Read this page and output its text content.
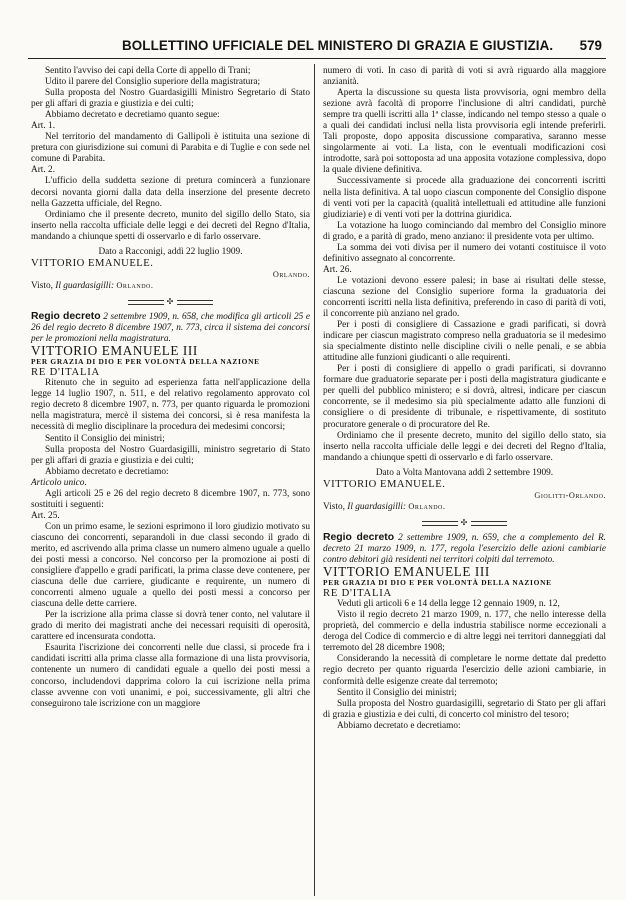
BOLLETTINO UFFICIALE DEL MINISTERO DI GRAZIA E GIUSTIZIA. 579

Sentito l'avviso dei capi della Corte di appello di Trani;

Udito il parere del Consiglio superiore della magistratura;

Sulla proposta del Nostro Guardasigilli Ministro Segretario di Stato per gli affari di grazia e giustizia e dei culti;

Abbiamo decretato e decretiamo quanto segue:

Art. 1.

Nel territorio del mandamento di Gallipoli è istituita una sezione di pretura con giurisdizione sui comuni di Parabita e di Tuglie e con sede nel comune di Parabita.

Art. 2.

L'ufficio della suddetta sezione di pretura comincerà a funzionare decorsi novanta giorni dalla data della inserzione del presente decreto nella Gazzetta ufficiale, del Regno.

Ordiniamo che il presente decreto, munito del sigillo dello Stato, sia inserto nella raccolta ufficiale delle leggi e dei decreti del Regno d'Italia, mandando a chiunque spetti di osservarlo e di farlo osservare.

Dato a Racconigi, addì 22 luglio 1909.

VITTORIO EMANUELE.

Orlando.

Visto, Il guardasigilli: Orlando.

✣

Regio decreto 2 settembre 1909, n. 658, che modifica gli articoli 25 e 26 del regio decreto 8 dicembre 1907, n. 773, circa il sistema dei concorsi per le promozioni nella magistratura.

VITTORIO EMANUELE III

PER GRAZIA DI DIO E PER VOLONTÀ DELLA NAZIONE

RE D'ITALIA

Ritenuto che in seguito ad esperienza fatta nell'applicazione della legge 14 luglio 1907, n. 511, e del relativo regolamento approvato col regio decreto 8 dicembre 1907, n. 773, per quanto riguarda le promozioni nella magistratura, mercè il sistema dei concorsi, si è resa manifesta la necessità di meglio disciplinare la procedura dei medesimi concorsi;

Sentito il Consiglio dei ministri;

Sulla proposta del Nostro Guardasigilli, ministro segretario di Stato per gli affari di grazia e giustizia e dei culti;

Abbiamo decretato e decretiamo:

Articolo unico.

Agli articoli 25 e 26 del regio decreto 8 dicembre 1907, n. 773, sono sostituiti i seguenti:

Art. 25.

Con un primo esame, le sezioni esprimono il loro giudizio motivato su ciascuno dei concorrenti, separandoli in due classi secondo il grado di merito, ed ascrivendo alla prima classe un numero almeno uguale a quello dei posti messi a concorso. Nel concorso per la promozione ai posti di consigliere d'appello e gradi parificati, la prima classe deve contenere, per ciascuna delle due carriere, giudicante e requirente, un numero di concorrenti almeno uguale a quello dei posti messi a concorso per ciascuna delle dette carriere.

Per la iscrizione alla prima classe si dovrà tener conto, nel valutare il grado di merito dei magistrati anche dei necessari requisiti di operosità, carattere ed incensurata condotta.

Esaurita l'iscrizione dei concorrenti nelle due classi, si procede fra i candidati iscritti alla prima classe alla formazione di una lista provvisoria, contenente un numero di candidati eguale a quello dei posti messi a concorso, includendovi dapprima coloro la cui iscrizione nella prima classe avvenne con voti unanimi, e poi, successivamente, gli altri che conseguirono tale iscrizione con un maggiore

numero di voti. In caso di parità di voti si avrà riguardo alla maggiore anzianità.

Aperta la discussione su questa lista provvisoria, ogni membro della sezione avrà facoltà di proporre l'inclusione di altri candidati, purchè sempre tra quelli iscritti alla 1ª classe, indicando nel tempo stesso a quale o a quali dei candidati inclusi nella lista provvisoria egli intende preferirli. Tali proposte, dopo apposita discussione comparativa, saranno messe singolarmente ai voti. La lista, con le eventuali modificazioni così introdotte, sarà poi sottoposta ad una apposita votazione complessiva, dopo la quale diviene definitiva.

Successivamente si procede alla graduazione dei concorrenti iscritti nella lista definitiva. A tal uopo ciascun componente del Consiglio dispone di venti voti per la capacità (qualità intellettuali ed attitudine alle funzioni giudiziarie) e di venti voti per la dottrina giuridica.

La votazione ha luogo cominciando dal membro del Consiglio minore di grado, e a parità di grado, meno anziano: il presidente vota per ultimo.

La somma dei voti divisa per il numero dei votanti costituisce il voto definitivo assegnato al concorrente.

Art. 26.

Le votazioni devono essere palesi; in base ai risultati delle stesse, ciascuna sezione del Consiglio superiore forma la graduatoria dei concorrenti iscritti nella lista definitiva, preferendo in caso di parità di voti, il concorrente più anziano nel grado.

Per i posti di consigliere di Cassazione e gradi parificati, si dovrà indicare per ciascun magistrato compreso nella graduatoria se il medesimo sia specialmente distinto nelle discipline civili o nelle penali, e se abbia attitudine alle funzioni giudicanti o alle requirenti.

Per i posti di consigliere di appello o gradi parificati, si dovranno formare due graduatorie separate per i posti della magistratura giudicante e per quelli del pubblico ministero; e si dovrà, altresì, indicare per ciascun concorrente, se il medesimo sia più specialmente adatto alle funzioni di consigliere o di presidente di tribunale, e rispettivamente, di sostituto procuratore generale o di procuratore del Re.

Ordiniamo che il presente decreto, munito del sigillo dello stato, sia inserto nella raccolta ufficiale delle leggi e dei decreti del Regno d'Italia, mandando a chiunque spetti di osservarlo e di farlo osservare.

Dato a Volta Mantovana addì 2 settembre 1909.

VITTORIO EMANUELE.

Giolitti-Orlando.

Visto, Il guardasigilli: Orlando.

✣

Regio decreto 2 settembre 1909, n. 659, che a complemento del R. decreto 21 marzo 1909, n. 177, regola l'esercizio delle azioni cambiarie contro debitori già residenti nei territori colpiti dal terremoto.

VITTORIO EMANUELE III

PER GRAZIA DI DIO E PER VOLONTÀ DELLA NAZIONE

RE D'ITALIA

Veduti gli articoli 6 e 14 della legge 12 gennaio 1909, n. 12,

Visto il regio decreto 21 marzo 1909, n. 177, che nello interesse della proprietà, del commercio e della industria stabilisce norme eccezionali a deroga del Codice di commercio e di altre leggi nei territori danneggiati dal terremoto del 28 dicembre 1908;

Considerando la necessità di completare le norme dettate dal predetto regio decreto per quanto riguarda l'esercizio delle azioni cambiarie, in conformità delle esigenze create dal terremoto;

Sentito il Consiglio dei ministri;

Sulla proposta del Nostro guardasigilli, segretario di Stato per gli affari di grazia e giustizia e dei culti, di concerto col ministro del tesoro;

Abbiamo decretato e decretiamo:
